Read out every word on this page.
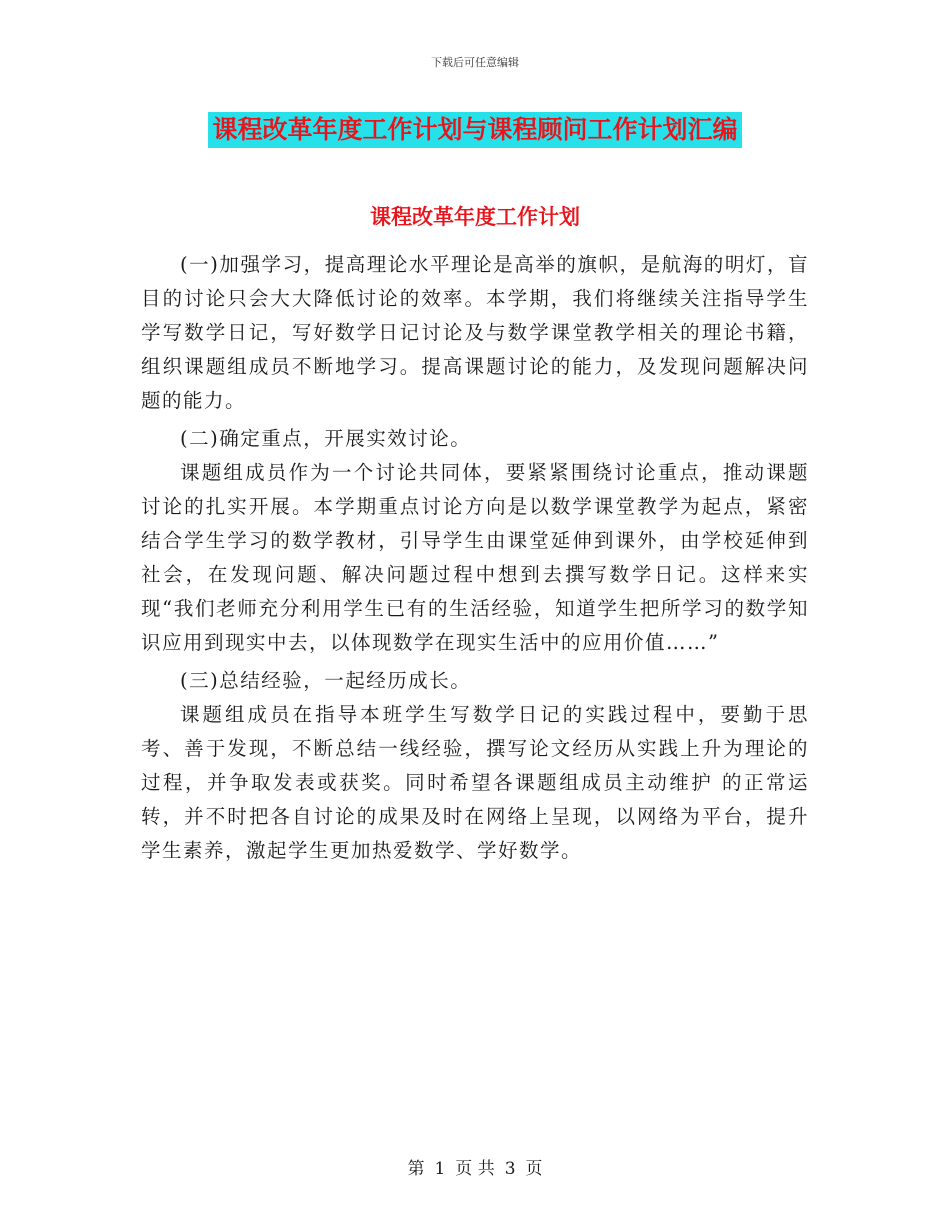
下载后可任意编辑
课程改革年度工作计划与课程顾问工作计划汇编
课程改革年度工作计划

(一)加强学习，提高理论水平理论是高举的旗帜，是航海的明灯，盲目的讨论只会大大降低讨论的效率。本学期，我们将继续关注指导学生学写数学日记，写好数学日记讨论及与数学课堂教学相关的理论书籍，组织课题组成员不断地学习。提高课题讨论的能力，及发现问题解决问题的能力。

(二)确定重点，开展实效讨论。

课题组成员作为一个讨论共同体，要紧紧围绕讨论重点，推动课题讨论的扎实开展。本学期重点讨论方向是以数学课堂教学为起点，紧密结合学生学习的数学教材，引导学生由课堂延伸到课外，由学校延伸到社会，在发现问题、解决问题过程中想到去撰写数学日记。这样来实现“我们老师充分利用学生已有的生活经验，知道学生把所学习的数学知识应用到现实中去，以体现数学在现实生活中的应用价值……”

(三)总结经验，一起经历成长。

课题组成员在指导本班学生写数学日记的实践过程中，要勤于思考、善于发现，不断总结一线经验，撰写论文经历从实践上升为理论的过程，并争取发表或获奖。同时希望各课题组成员主动维护 的正常运转，并不时把各自讨论的成果及时在网络上呈现，以网络为平台，提升学生素养，激起学生更加热爱数学、学好数学。

第 1 页 共 3 页
